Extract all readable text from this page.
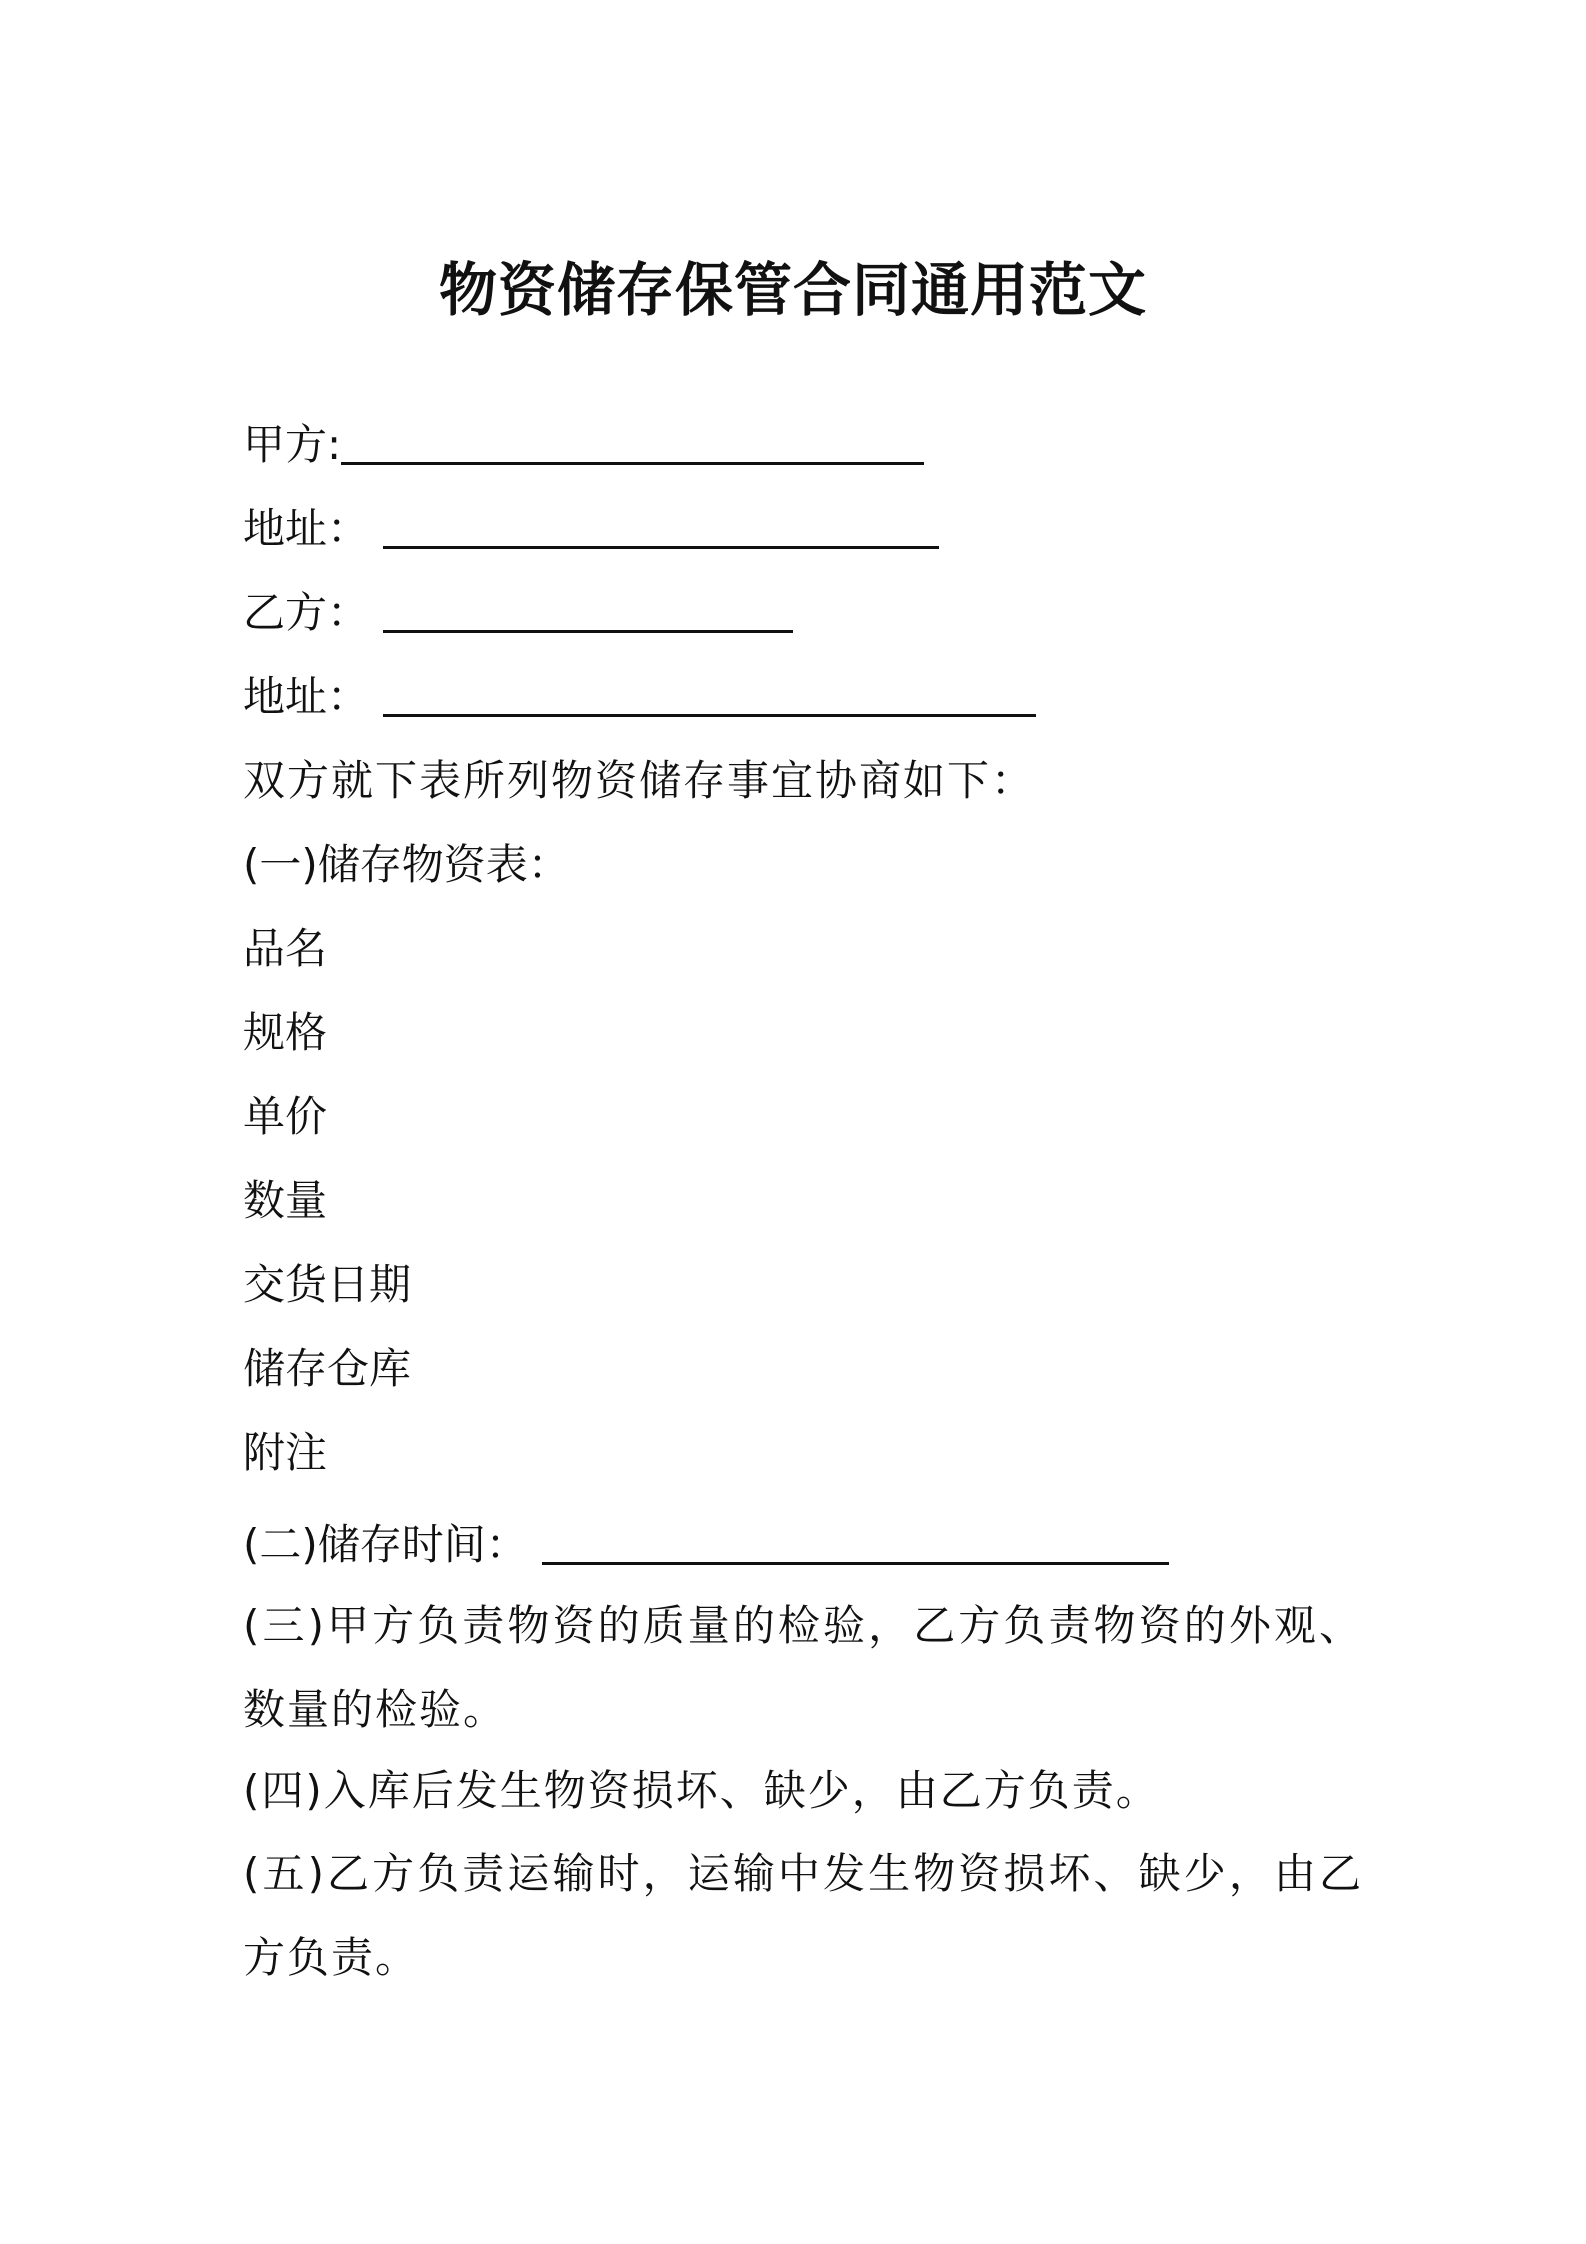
物资储存保管合同通用范文
甲方:
地址：
乙方：
地址：
双方就下表所列物资储存事宜协商如下：
(一)储存物资表：
品名
规格
单价
数量
交货日期
储存仓库
附注
(二)储存时间：
(三)甲方负责物资的质量的检验，乙方负责物资的外观、数量的检验。
(四)入库后发生物资损坏、缺少，由乙方负责。
(五)乙方负责运输时，运输中发生物资损坏、缺少，由乙方负责。
